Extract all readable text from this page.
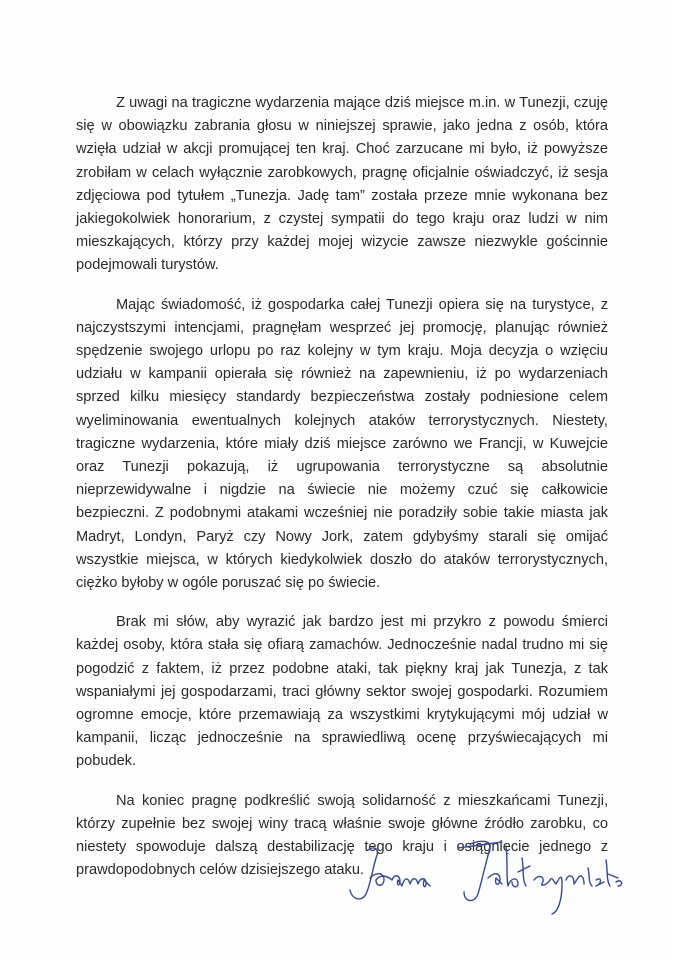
Z uwagi na tragiczne wydarzenia mające dziś miejsce m.in. w Tunezji, czuję się w obowiązku zabrania głosu w niniejszej sprawie, jako jedna z osób, która wzięła udział w akcji promującej ten kraj. Choć zarzucane mi było, iż powyższe zrobiłam w celach wyłącznie zarobkowych, pragnę oficjalnie oświadczyć, iż sesja zdjęciowa pod tytułem „Tunezja. Jadę tam” została przeze mnie wykonana bez jakiegokolwiek honorarium, z czystej sympatii do tego kraju oraz ludzi w nim mieszkających, którzy przy każdej mojej wizycie zawsze niezwykle gościnnie podejmowali turystów.

Mając świadomość, iż gospodarka całej Tunezji opiera się na turystyce, z najczystszymi intencjami, pragnęłam wesprzeć jej promocję, planując również spędzenie swojego urlopu po raz kolejny w tym kraju. Moja decyzja o wzięciu udziału w kampanii opierała się również na zapewnieniu, iż po wydarzeniach sprzed kilku miesięcy standardy bezpieczeństwa zostały podniesione celem wyeliminowania ewentualnych kolejnych ataków terrorystycznych. Niestety, tragiczne wydarzenia, które miały dziś miejsce zarówno we Francji, w Kuwejcie oraz Tunezji pokazują, iż ugrupowania terrorystyczne są absolutnie nieprzewidywalne i nigdzie na świecie nie możemy czuć się całkowicie bezpieczni. Z podobnymi atakami wcześniej nie poradziły sobie takie miasta jak Madryt, Londyn, Paryż czy Nowy Jork, zatem gdybyśmy starali się omijać wszystkie miejsca, w których kiedykolwiek doszło do ataków terrorystycznych, ciężko byłoby w ogóle poruszać się po świecie.

Brak mi słów, aby wyrazić jak bardzo jest mi przykro z powodu śmierci każdej osoby, która stała się ofiarą zamachów. Jednocześnie nadal trudno mi się pogodzić z faktem, iż przez podobne ataki, tak piękny kraj jak Tunezja, z tak wspaniałymi jej gospodarzami, traci główny sektor swojej gospodarki. Rozumiem ogromne emocje, które przemawiają za wszystkimi krytykującymi mój udział w kampanii, licząc jednocześnie na sprawiedliwą ocenę przyświecających mi pobudek.

Na koniec pragnę podkreślić swoją solidarność z mieszkańcami Tunezji, którzy zupełnie bez swojej winy tracą właśnie swoje główne źródło zarobku, co niestety spowoduje dalszą destabilizację tego kraju i osiągnięcie jednego z prawdopodobnych celów dzisiejszego ataku.
